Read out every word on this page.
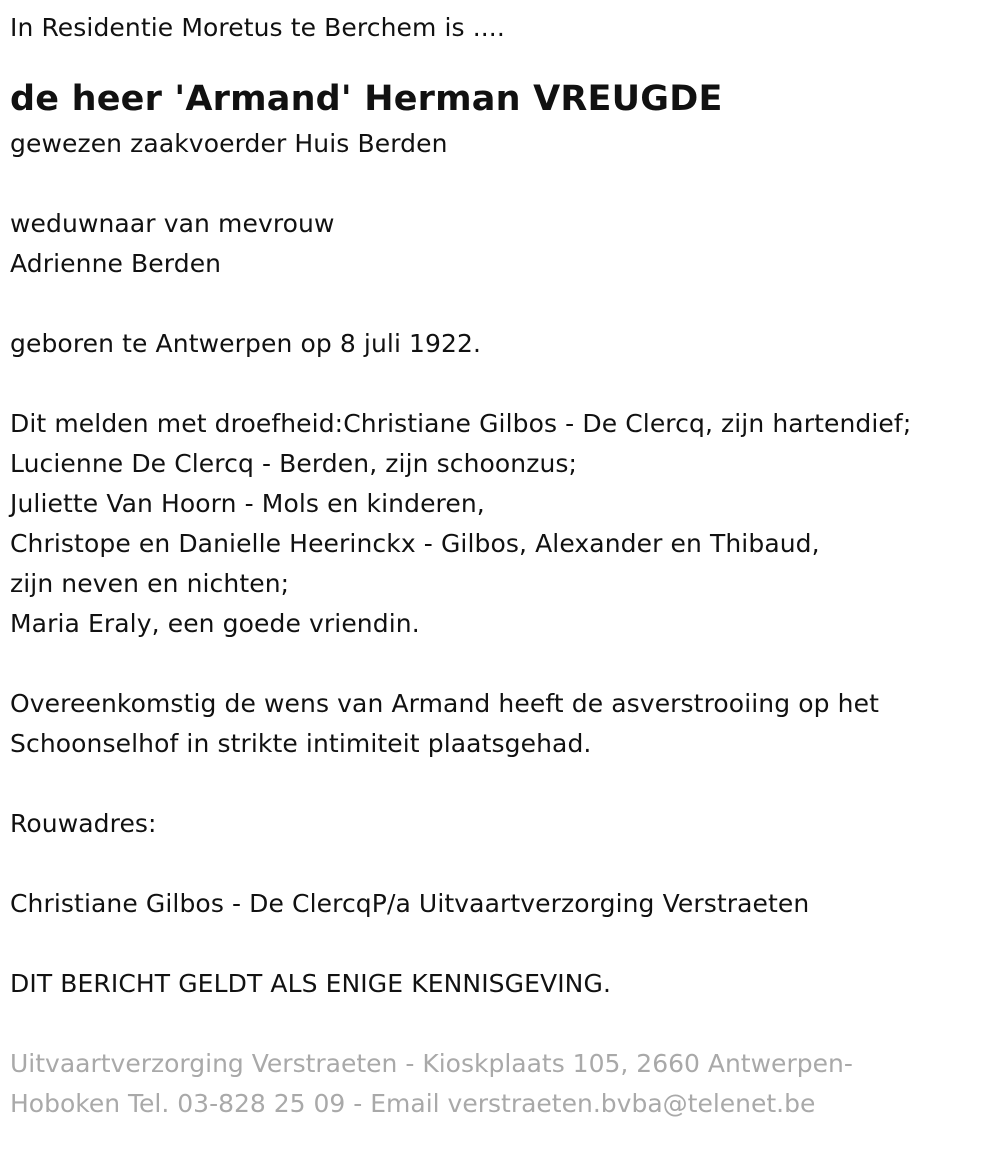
In Residentie Moretus te Berchem is ....
de heer 'Armand' Herman VREUGDE
gewezen zaakvoerder Huis Berden
weduwnaar van mevrouw
Adrienne Berden
geboren te Antwerpen op 8 juli 1922.
Dit melden met droefheid:Christiane Gilbos - De Clercq, zijn hartendief;
Lucienne De Clercq - Berden, zijn schoonzus;
Juliette Van Hoorn - Mols en kinderen,
Christope en Danielle Heerinckx - Gilbos, Alexander en Thibaud,
zijn neven en nichten;
Maria Eraly, een goede vriendin.
Overeenkomstig de wens van Armand heeft de asverstrooiing op het
Schoonselhof in strikte intimiteit plaatsgehad.
Rouwadres:
Christiane Gilbos - De ClercqP/a Uitvaartverzorging Verstraeten
DIT BERICHT GELDT ALS ENIGE KENNISGEVING.
Uitvaartverzorging Verstraeten - Kioskplaats 105, 2660 Antwerpen-
Hoboken Tel. 03-828 25 09 - Email verstraeten.bvba@telenet.be
